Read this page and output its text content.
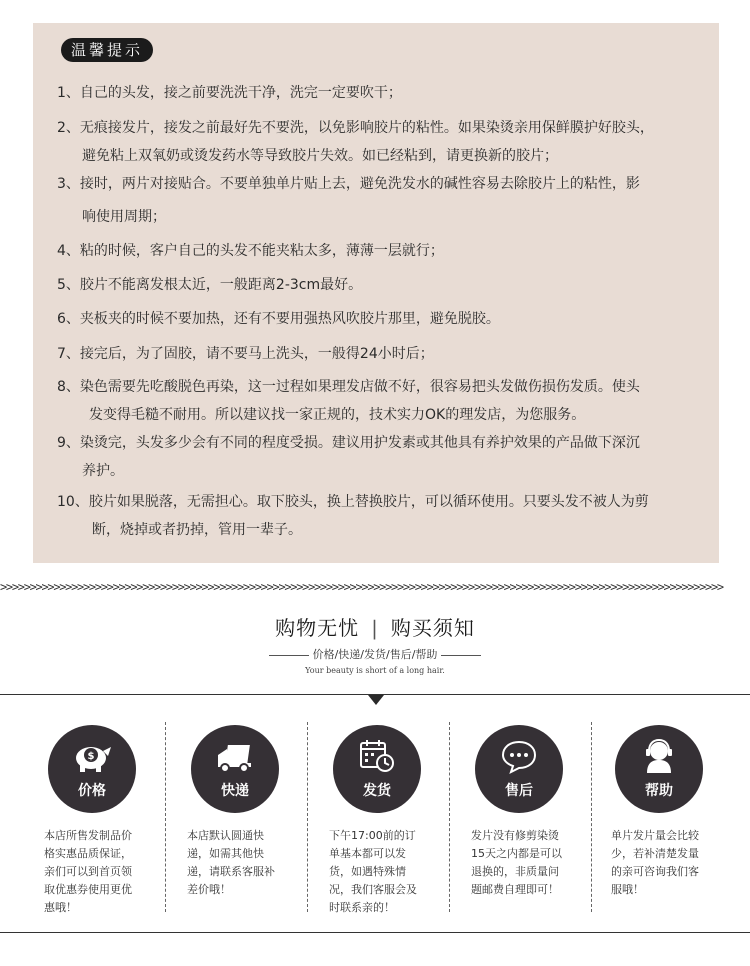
温馨提示
1、自己的头发，接之前要洗洗干净，洗完一定要吹干；
2、无痕接发片，接发之前最好先不要洗，以免影响胶片的粘性。如果染烫亲用保鲜膜护好胶头，
避免粘上双氧奶或烫发药水等导致胶片失效。如已经粘到，请更换新的胶片；
3、接时，两片对接贴合。不要单独单片贴上去，避免洗发水的碱性容易去除胶片上的粘性，影
响使用周期；
4、粘的时候，客户自己的头发不能夹粘太多，薄薄一层就行；
5、胶片不能离发根太近，一般距离2-3cm最好。
6、夹板夹的时候不要加热，还有不要用强热风吹胶片那里，避免脱胶。
7、接完后，为了固胶，请不要马上洗头，一般得24小时后；
8、染色需要先吃酸脱色再染，这一过程如果理发店做不好，很容易把头发做伤损伤发质。使头
发变得毛糙不耐用。所以建议找一家正规的，技术实力OK的理发店，为您服务。
9、染烫完，头发多少会有不同的程度受损。建议用护发素或其他具有养护效果的产品做下深沉
养护。
10、胶片如果脱落，无需担心。取下胶头，换上替换胶片，可以循环使用。只要头发不被人为剪
断，烧掉或者扔掉，管用一辈子。
>>>>>>>>>>>>>>>>>>>>>>>>>>>>>>>>>>>>>>>>>>>>>>>>>>>>>>>>>>>>>>>>>>>>>>>>>>>>>>>>>>>>>>>>>>>>>>>>>>>>>>>>>>>>>>>>>>>>>>>>>>
购物无忧 | 购买须知
价格/快递/发货/售后/帮助
Your beauty is short of a long hair.
$
价格
本店所售发制品价格实惠品质保证，亲们可以到首页领取优惠券使用更优惠哦！
快递
本店默认圆通快递，如需其他快递，请联系客服补差价哦！
发货
下午17:00前的订单基本都可以发货，如遇特殊情况，我们客服会及时联系亲的！
售后
发片没有修剪染烫15天之内都是可以退换的，非质量问题邮费自理即可！
帮助
单片发片量会比较少，若补清楚发量的亲可咨询我们客服哦！
